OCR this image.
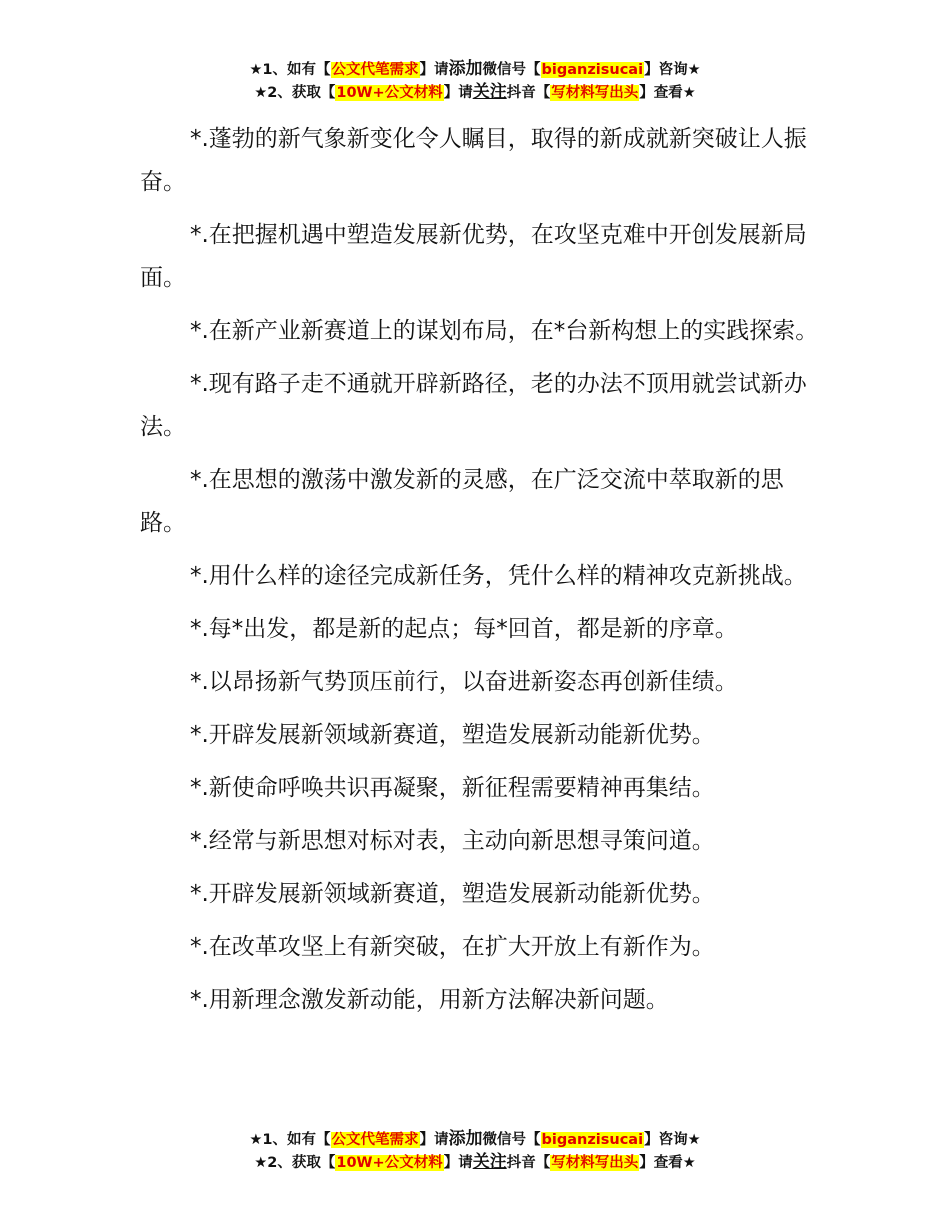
★1、如有【公文代笔需求】请添加微信号【biganzisucai】咨询★
★2、获取【10W+公文材料】请关注抖音【写材料写出头】查看★

*.蓬勃的新气象新变化令人瞩目，取得的新成就新突破让人振奋。

*.在把握机遇中塑造发展新优势，在攻坚克难中开创发展新局面。

*.在新产业新赛道上的谋划布局，在*台新构想上的实践探索。

*.现有路子走不通就开辟新路径，老的办法不顶用就尝试新办法。

*.在思想的激荡中激发新的灵感，在广泛交流中萃取新的思路。

*.用什么样的途径完成新任务，凭什么样的精神攻克新挑战。

*.每*出发，都是新的起点；每*回首，都是新的序章。

*.以昂扬新气势顶压前行，以奋进新姿态再创新佳绩。

*.开辟发展新领域新赛道，塑造发展新动能新优势。

*.新使命呼唤共识再凝聚，新征程需要精神再集结。

*.经常与新思想对标对表，主动向新思想寻策问道。

*.开辟发展新领域新赛道，塑造发展新动能新优势。

*.在改革攻坚上有新突破，在扩大开放上有新作为。

*.用新理念激发新动能，用新方法解决新问题。

★1、如有【公文代笔需求】请添加微信号【biganzisucai】咨询★
★2、获取【10W+公文材料】请关注抖音【写材料写出头】查看★
